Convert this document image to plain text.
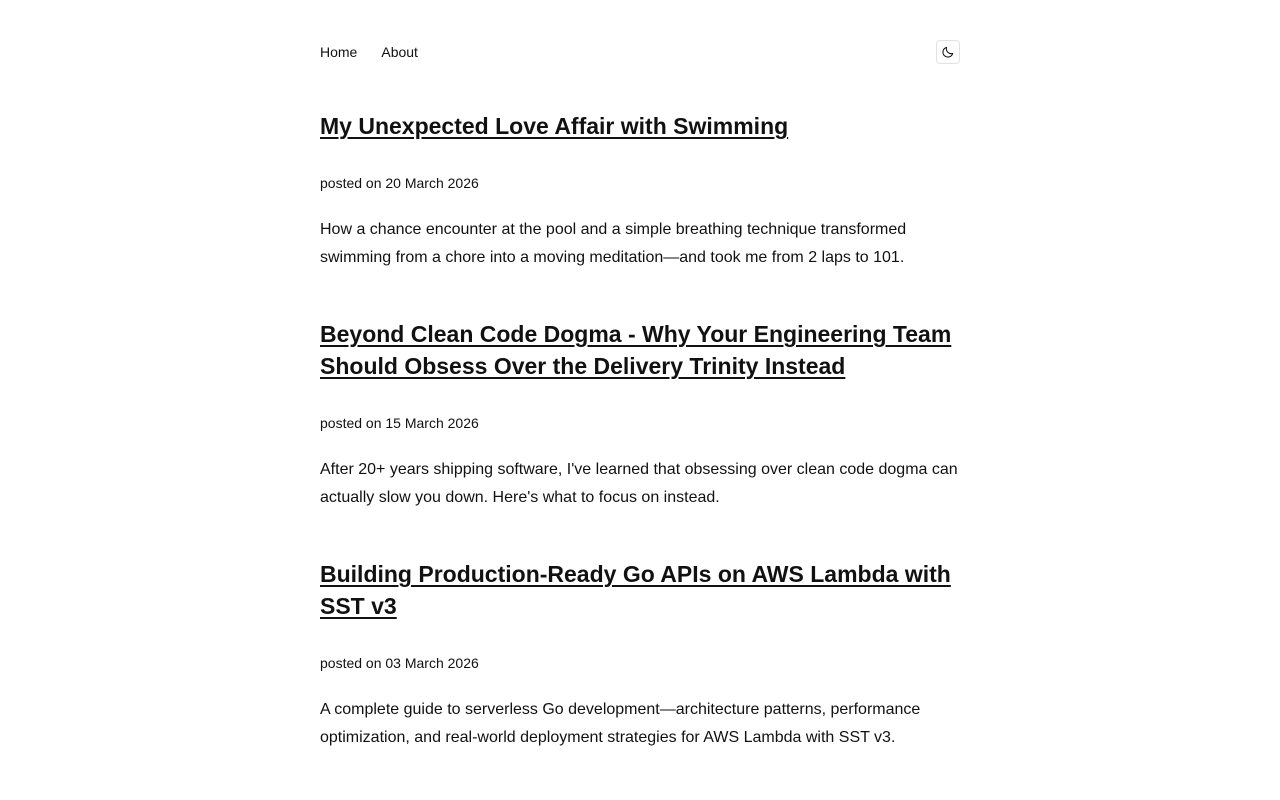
Home About
My Unexpected Love Affair with Swimming
posted on 20 March 2026
How a chance encounter at the pool and a simple breathing technique transformed swimming from a chore into a moving meditation—and took me from 2 laps to 101.
Beyond Clean Code Dogma - Why Your Engineering Team Should Obsess Over the Delivery Trinity Instead
posted on 15 March 2026
After 20+ years shipping software, I've learned that obsessing over clean code dogma can actually slow you down. Here's what to focus on instead.
Building Production-Ready Go APIs on AWS Lambda with SST v3
posted on 03 March 2026
A complete guide to serverless Go development—architecture patterns, performance optimization, and real-world deployment strategies for AWS Lambda with SST v3.
